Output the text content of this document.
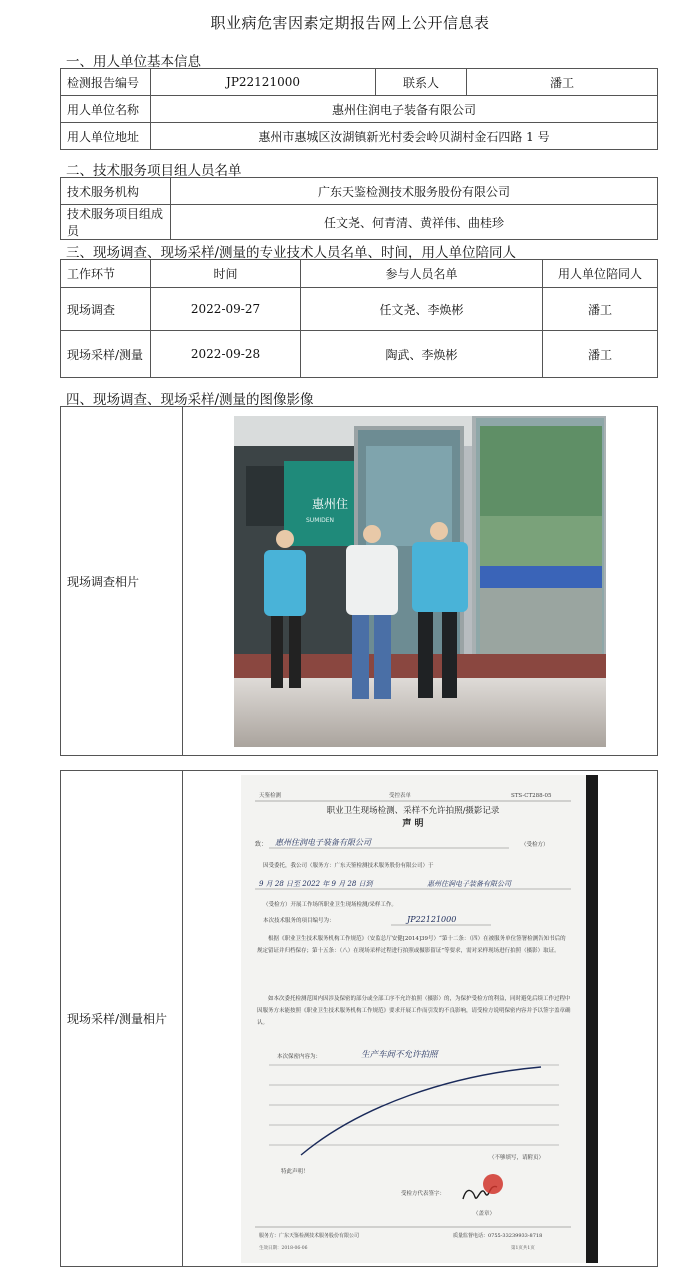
职业病危害因素定期报告网上公开信息表
一、用人单位基本信息
检测报告编号	JP22121000	联系人	潘工
用人单位名称	惠州住润电子装备有限公司		
用人单位地址	惠州市惠城区汝湖镇新光村委会岭贝湖村金石四路 1 号		
二、技术服务项目组人员名单
技术服务机构	广东天鉴检测技术服务股份有限公司
技术服务项目组成员	任文尧、何青清、黄祥伟、曲桂珍
三、现场调查、现场采样/测量的专业技术人员名单、时间，用人单位陪同人
工作环节	时间	参与人员名单	用人单位陪同人
现场调查	2022-09-27	任文尧、李焕彬	潘工
现场采样/测量	2022-09-28	陶武、李焕彬	潘工
四、现场调查、现场采样/测量的图像影像
现场调查相片	
现场采样/测量相片	
惠州住
SUMIDEN
天鉴检测	受控表单	STS-CT288-05
职业卫生现场检测、采样不允许拍照/摄影记录
声 明
致： 惠州住润电子装备有限公司	（受检方）
因受委托，我公司（服务方：广东天鉴检测技术服务股份有限公司）于
9 月 28 日至 2022 年 9 月 28 日到	惠州住润电子装备有限公司
（受检方）开展工作场所职业卫生现场检测/采样工作。
本次技术服务的项目编号为：	JP22121000
根据《职业卫生技术服务机构工作规范》（安监总厅安健[2014]39号）“第十二条：（四）在被服务单位签署检测告知书后的规定留证并归档保存；第十五条：（八）在现场采样过程进行拍照或摄影留证”等要求，需对采样现场进行拍照（摄影）取证。
如本次委托检测范围内因涉及保密的部分或全部工序不允许拍照（摄影）的，为保护受检方的利益，同时避免后续工作过程中因服务方未能按照《职业卫生技术服务机构工作规范》要求开展工作而引发的不良影响，请受检方说明保密内容并予以签字盖章确认。
本次保密内容为：	生产车间不允许拍照
（不够填写，请附页）
特此声明！
受检方代表签字：
（盖章）
服务方：广东天鉴检测技术服务股份有限公司	质量监督电话：0755-33239933-8718
生效日期：2018-06-06	第1页共1页
